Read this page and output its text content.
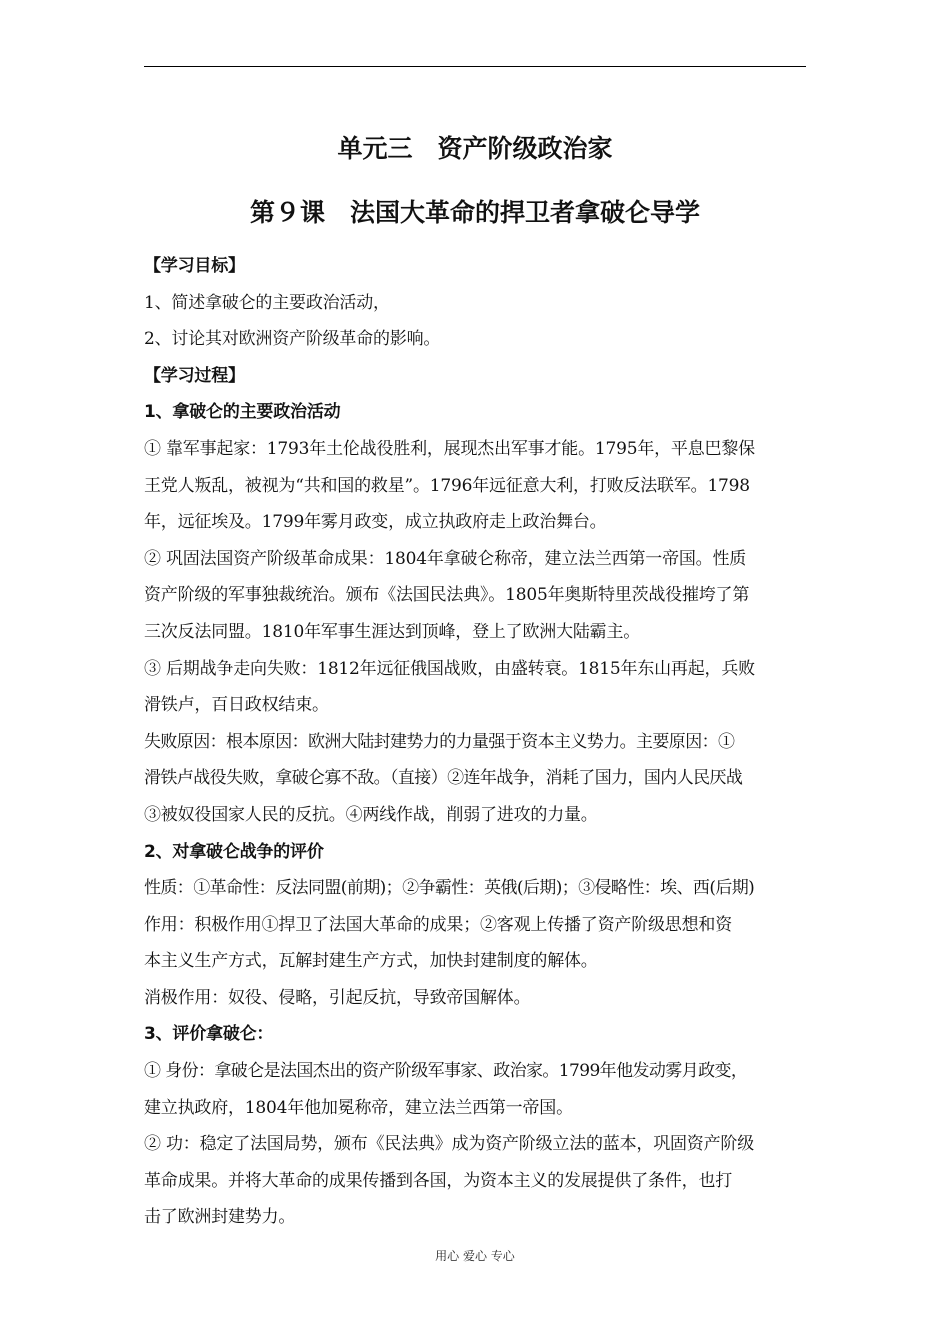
单元三　资产阶级政治家
第９课　法国大革命的捍卫者拿破仑导学
【学习目标】
1、简述拿破仑的主要政治活动，
2、讨论其对欧洲资产阶级革命的影响。
【学习过程】
1、拿破仑的主要政治活动
① 靠军事起家：1793年土伦战役胜利，展现杰出军事才能。1795年，平息巴黎保
王党人叛乱，被视为“共和国的救星”。1796年远征意大利，打败反法联军。1798
年，远征埃及。1799年雾月政变，成立执政府走上政治舞台。
② 巩固法国资产阶级革命成果：1804年拿破仑称帝，建立法兰西第一帝国。性质
资产阶级的军事独裁统治。颁布《法国民法典》。1805年奥斯特里茨战役摧垮了第
三次反法同盟。1810年军事生涯达到顶峰，登上了欧洲大陆霸主。
③ 后期战争走向失败：1812年远征俄国战败，由盛转衰。1815年东山再起，兵败
滑铁卢，百日政权结束。
失败原因：根本原因：欧洲大陆封建势力的力量强于资本主义势力。主要原因：①
滑铁卢战役失败，拿破仑寡不敌。（直接）②连年战争，消耗了国力，国内人民厌战
③被奴役国家人民的反抗。④两线作战，削弱了进攻的力量。
2、对拿破仑战争的评价
性质：①革命性：反法同盟(前期)；②争霸性：英俄(后期)；③侵略性：埃、西(后期)
作用：积极作用①捍卫了法国大革命的成果；②客观上传播了资产阶级思想和资
本主义生产方式，瓦解封建生产方式，加快封建制度的解体。
消极作用：奴役、侵略，引起反抗，导致帝国解体。
3、评价拿破仑：
① 身份：拿破仑是法国杰出的资产阶级军事家、政治家。1799年他发动雾月政变，
建立执政府，1804年他加冕称帝，建立法兰西第一帝国。
② 功：稳定了法国局势，颁布《民法典》成为资产阶级立法的蓝本，巩固资产阶级
革命成果。并将大革命的成果传播到各国，为资本主义的发展提供了条件，也打
击了欧洲封建势力。
用心 爱心 专心
